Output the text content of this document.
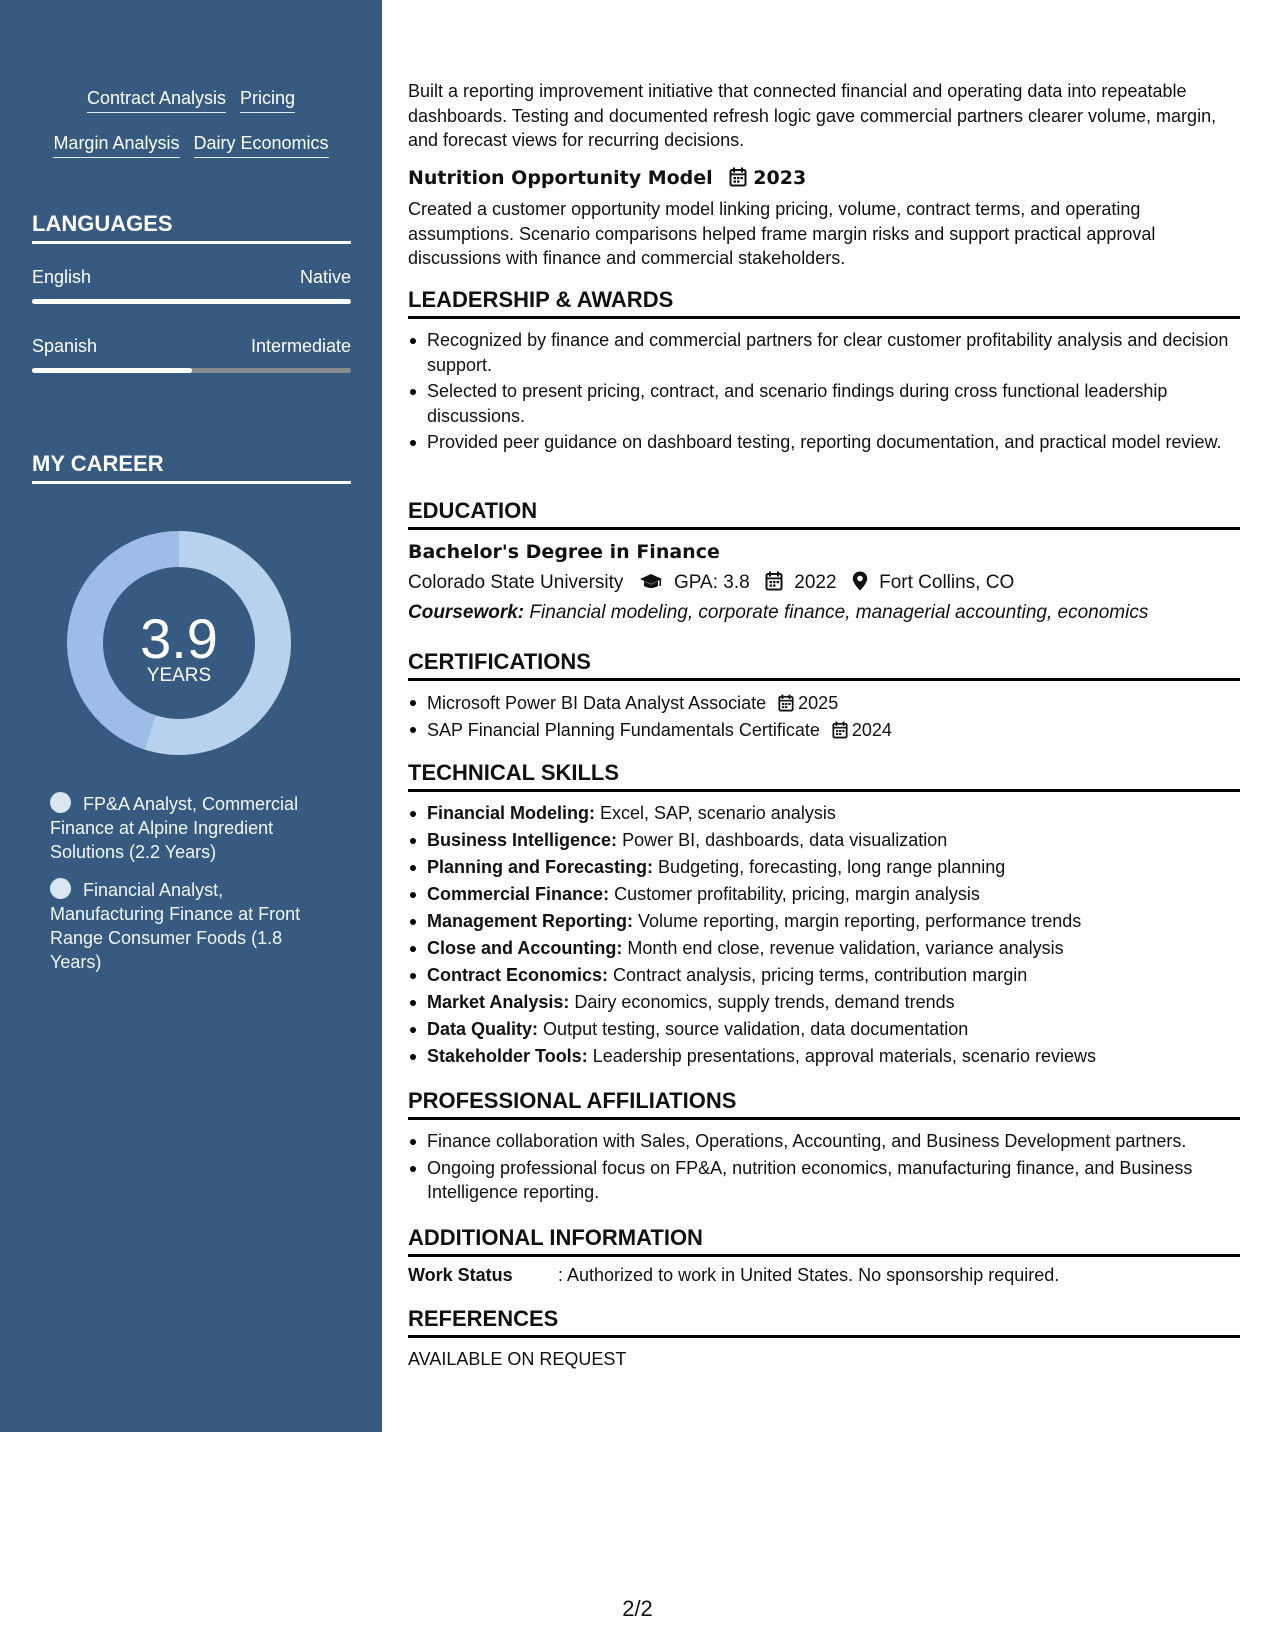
Contract Analysis Pricing
Margin Analysis Dairy Economics
LANGUAGES
English	Native
Spanish	Intermediate
MY CAREER
3.9
YEARS
FP&A Analyst, Commercial Finance at Alpine Ingredient Solutions (2.2 Years)
Financial Analyst, Manufacturing Finance at Front Range Consumer Foods (1.8 Years)
Built a reporting improvement initiative that connected financial and operating data into repeatable dashboards. Testing and documented refresh logic gave commercial partners clearer volume, margin, and forecast views for recurring decisions.
Nutrition Opportunity Model 2023
Created a customer opportunity model linking pricing, volume, contract terms, and operating assumptions. Scenario comparisons helped frame margin risks and support practical approval discussions with finance and commercial stakeholders.
LEADERSHIP & AWARDS
Recognized by finance and commercial partners for clear customer profitability analysis and decision support.
Selected to present pricing, contract, and scenario findings during cross functional leadership discussions.
Provided peer guidance on dashboard testing, reporting documentation, and practical model review.
EDUCATION
Bachelor's Degree in Finance
Colorado State University	GPA: 3.8 2022 Fort Collins, CO
Coursework: Financial modeling, corporate finance, managerial accounting, economics
CERTIFICATIONS
Microsoft Power BI Data Analyst Associate 2025
SAP Financial Planning Fundamentals Certificate 2024
TECHNICAL SKILLS
Financial Modeling: Excel, SAP, scenario analysis
Business Intelligence: Power BI, dashboards, data visualization
Planning and Forecasting: Budgeting, forecasting, long range planning
Commercial Finance: Customer profitability, pricing, margin analysis
Management Reporting: Volume reporting, margin reporting, performance trends
Close and Accounting: Month end close, revenue validation, variance analysis
Contract Economics: Contract analysis, pricing terms, contribution margin
Market Analysis: Dairy economics, supply trends, demand trends
Data Quality: Output testing, source validation, data documentation
Stakeholder Tools: Leadership presentations, approval materials, scenario reviews
PROFESSIONAL AFFILIATIONS
Finance collaboration with Sales, Operations, Accounting, and Business Development partners.
Ongoing professional focus on FP&A, nutrition economics, manufacturing finance, and Business Intelligence reporting.
ADDITIONAL INFORMATION
Work Status	: Authorized to work in United States. No sponsorship required.
REFERENCES
AVAILABLE ON REQUEST
2/2
